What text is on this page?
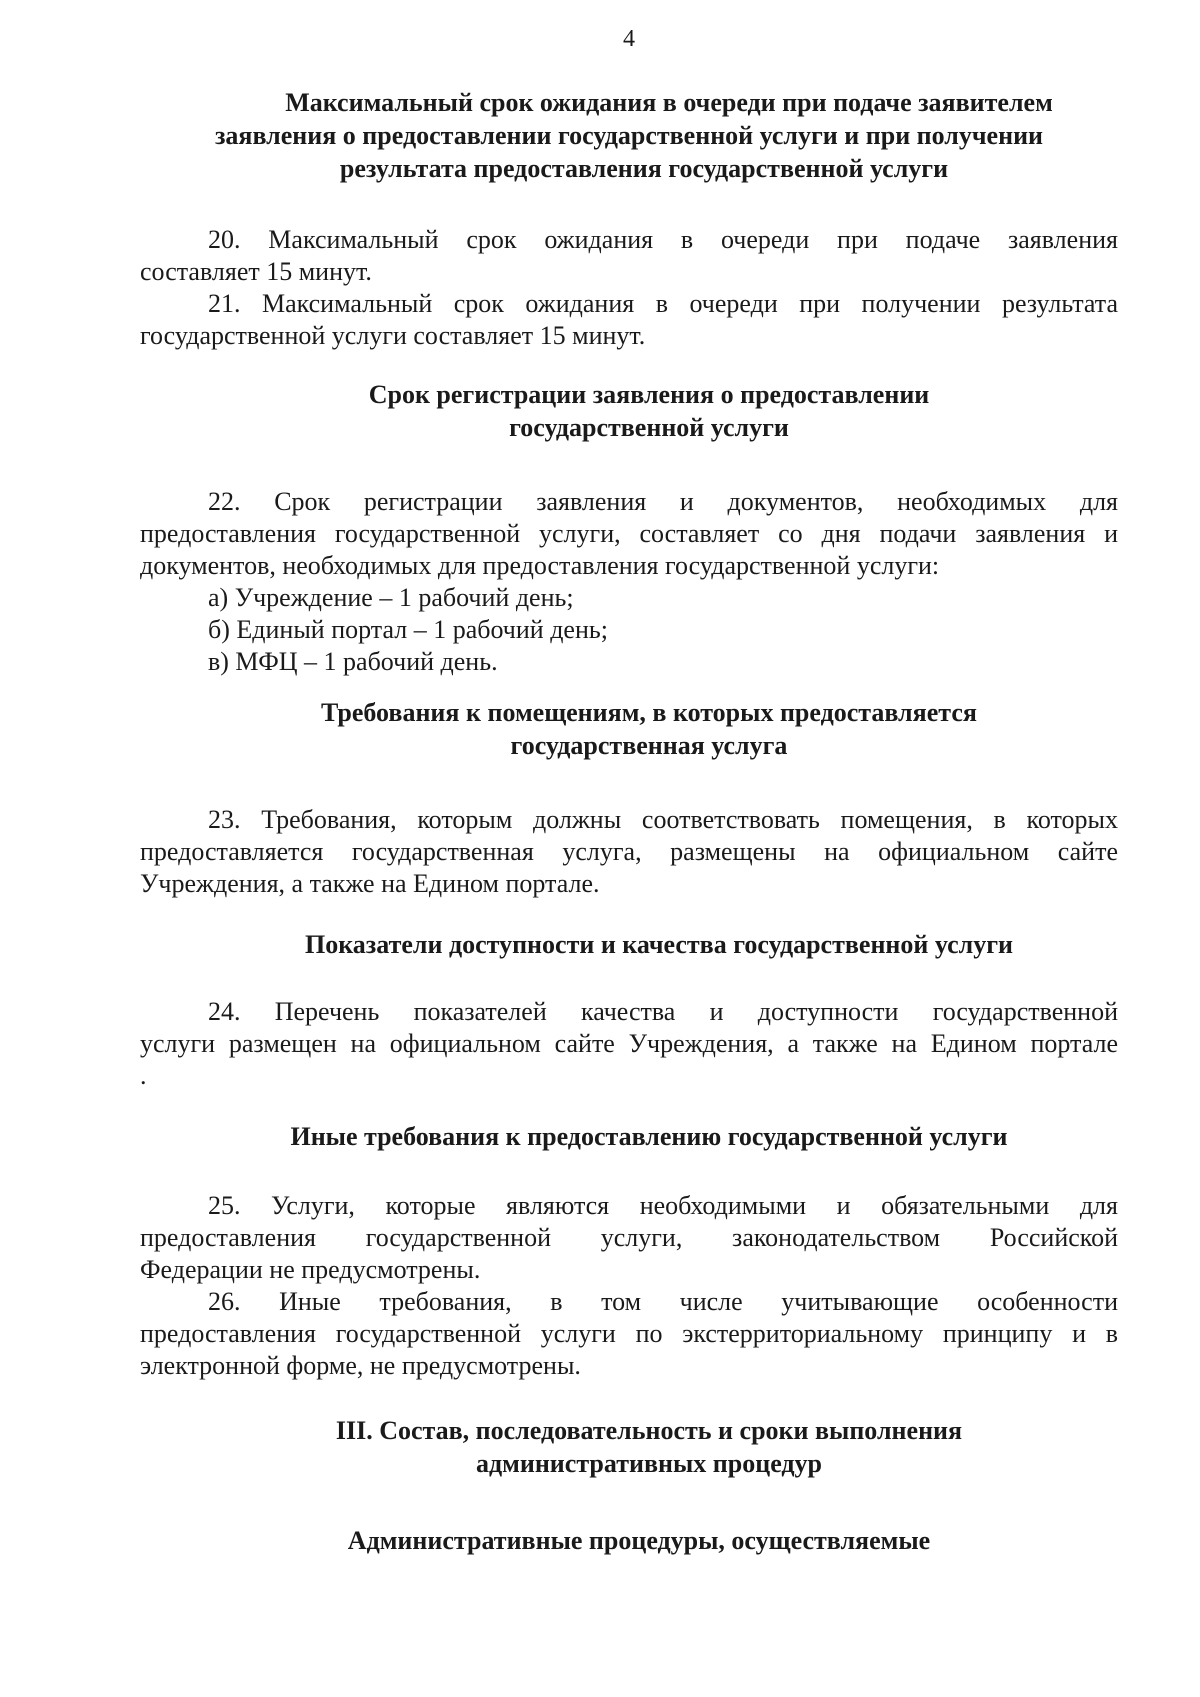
4
Максимальный срок ожидания в очереди при подаче заявителем
заявления о предоставлении государственной услуги и при получении
результата предоставления государственной услуги
20. Максимальный срок ожидания в очереди при подаче заявления
составляет 15 минут.
21. Максимальный срок ожидания в очереди при получении результата
государственной услуги составляет 15 минут.
Срок регистрации заявления о предоставлении
государственной услуги
22. Срок регистрации заявления и документов, необходимых для
предоставления государственной услуги, составляет со дня подачи заявления и
документов, необходимых для предоставления государственной услуги:
а) Учреждение – 1 рабочий день;
б) Единый портал – 1 рабочий день;
в) МФЦ – 1 рабочий день.
Требования к помещениям, в которых предоставляется
государственная услуга
23. Требования, которым должны соответствовать помещения, в которых
предоставляется государственная услуга, размещены на официальном сайте
Учреждения, а также на Едином портале.
Показатели доступности и качества государственной услуги
24. Перечень показателей качества и доступности государственной
услуги размещен на официальном сайте Учреждения, а также на Едином портале
.
Иные требования к предоставлению государственной услуги
25. Услуги, которые являются необходимыми и обязательными для
предоставления государственной услуги, законодательством Российской
Федерации не предусмотрены.
26. Иные требования, в том числе учитывающие особенности
предоставления государственной услуги по экстерриториальному принципу и в
электронной форме, не предусмотрены.
III. Состав, последовательность и сроки выполнения
административных процедур
Административные процедуры, осуществляемые
